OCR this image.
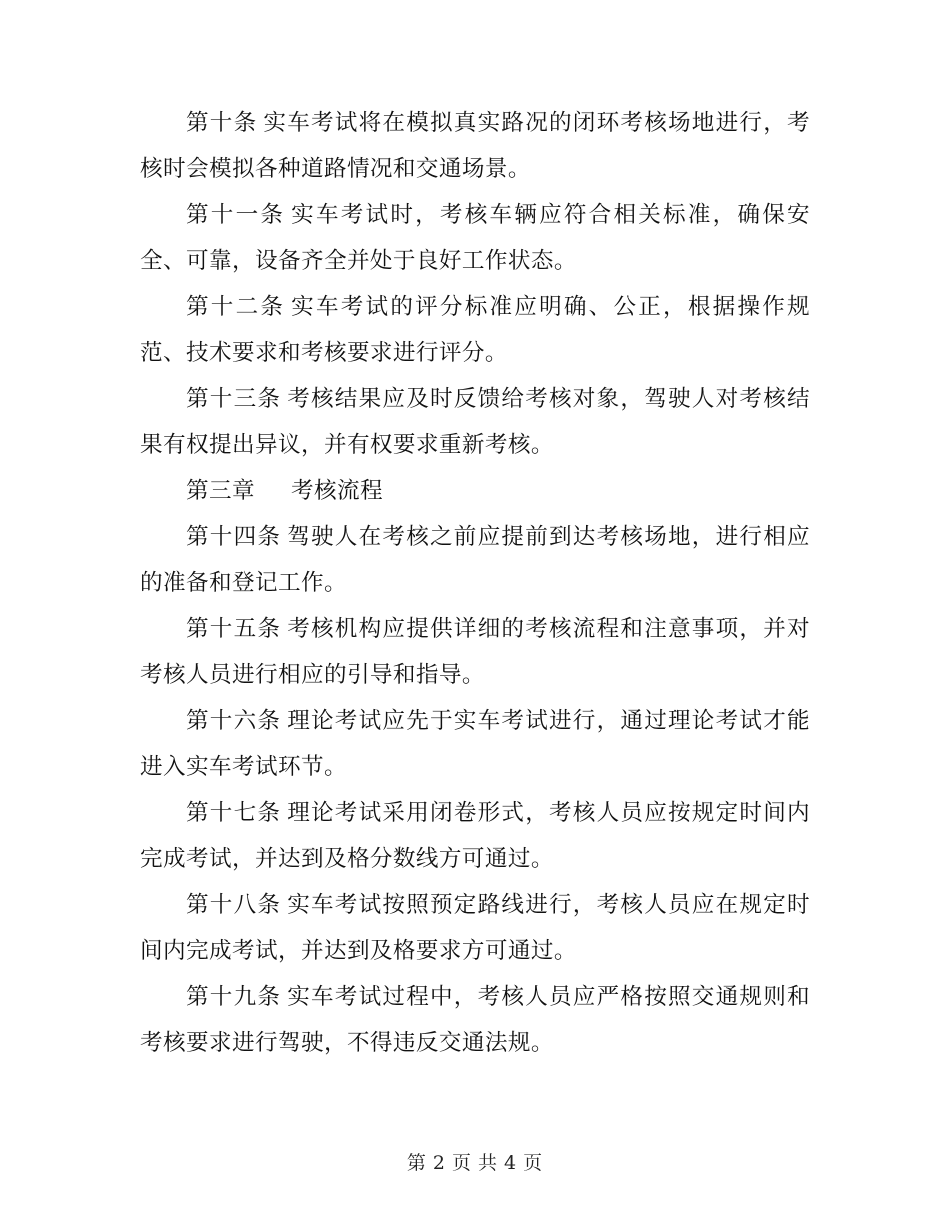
第十条 实车考试将在模拟真实路况的闭环考核场地进行，考核时会模拟各种道路情况和交通场景。

第十一条 实车考试时，考核车辆应符合相关标准，确保安全、可靠，设备齐全并处于良好工作状态。

第十二条 实车考试的评分标准应明确、公正，根据操作规范、技术要求和考核要求进行评分。

第十三条 考核结果应及时反馈给考核对象，驾驶人对考核结果有权提出异议，并有权要求重新考核。

第三章 考核流程

第十四条 驾驶人在考核之前应提前到达考核场地，进行相应的准备和登记工作。

第十五条 考核机构应提供详细的考核流程和注意事项，并对考核人员进行相应的引导和指导。

第十六条 理论考试应先于实车考试进行，通过理论考试才能进入实车考试环节。

第十七条 理论考试采用闭卷形式，考核人员应按规定时间内完成考试，并达到及格分数线方可通过。

第十八条 实车考试按照预定路线进行，考核人员应在规定时间内完成考试，并达到及格要求方可通过。

第十九条 实车考试过程中，考核人员应严格按照交通规则和考核要求进行驾驶，不得违反交通法规。

第 2 页 共 4 页
